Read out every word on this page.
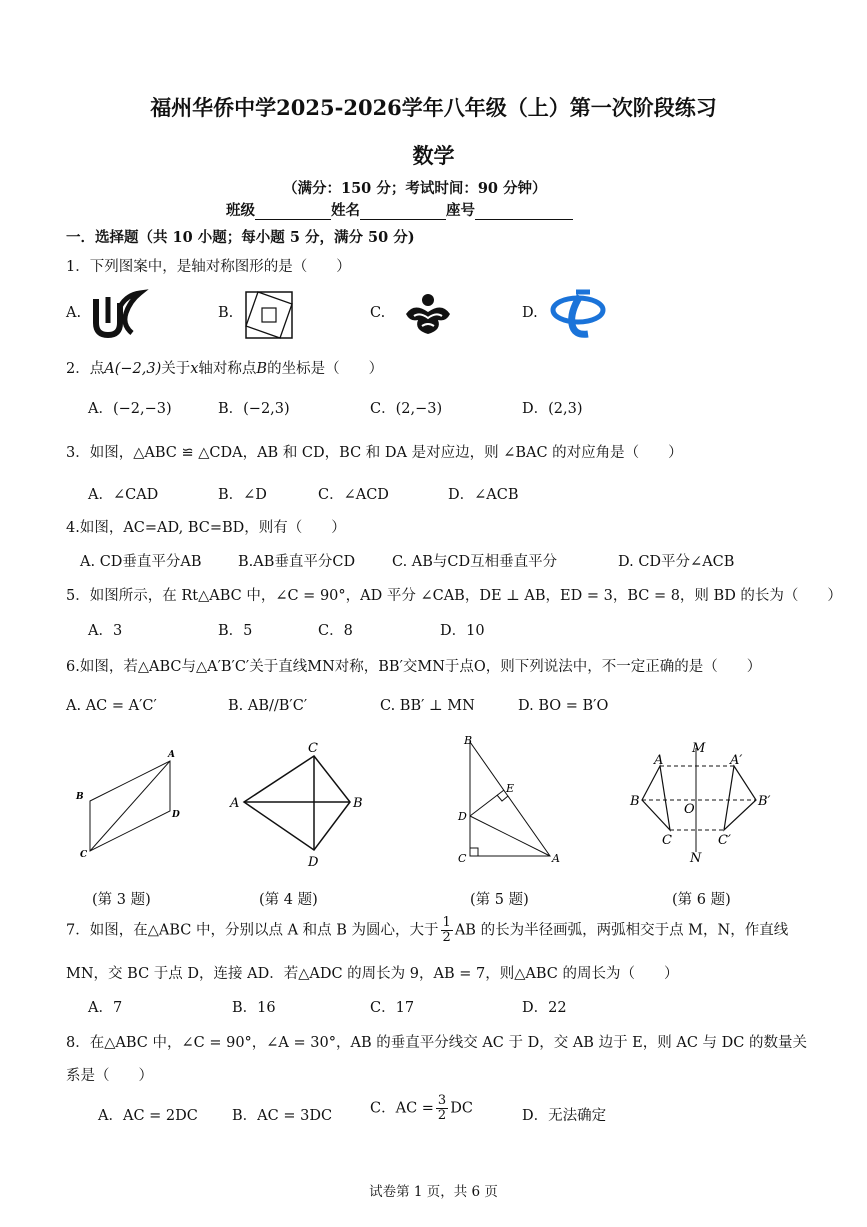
福州华侨中学2025-2026学年八年级（上）第一次阶段练习
数学
（满分：150 分；考试时间：90 分钟）
班级	姓名	座号
一．选择题（共 10 小题；每小题 5 分，满分 50 分)
1．下列图案中，是轴对称图形的是（　　）
A.	B.	C.	D.
2．点A(−2,3)关于x轴对称点B的坐标是（　　）
A．(−2,−3)	B．(−2,3)	C．(2,−3)	D．(2,3)
3．如图，△ABC ≌ △CDA，AB 和 CD，BC 和 DA 是对应边，则 ∠BAC 的对应角是（　　）
A．∠CAD	B．∠D	C．∠ACD	D．∠ACB
4.如图，AC=AD, BC=BD，则有（　　）
A. CD垂直平分AB	B.AB垂直平分CD	C. AB与CD互相垂直平分	D. CD平分∠ACB
5．如图所示，在 Rt△ABC 中，∠C = 90°，AD 平分 ∠CAB，DE ⊥ AB，ED = 3，BC = 8，则 BD 的长为（　　）
A．3	B．5	C．8	D．10
6.如图，若△ABC与△A′B′C′关于直线MN对称，BB′交MN于点O，则下列说法中，不一定正确的是（　　）
A. AC = A′C′	B. AB//B′C′	C. BB′ ⊥ MN	D. BO = B′O
A
B
C
D
(第 3 题)
C
A	B
D
(第 4 题)
B
E
D
C	A
(第 5 题)
M
A	A′
B	B′
O
C	C′
N
(第 6 题)
7．如图，在△ABC 中，分别以点 A 和点 B 为圆心，大于 $\frac{1}{2}$ AB 的长为半径画弧，两弧相交于点 M，N，作直线
MN，交 BC 于点 D，连接 AD．若△ADC 的周长为 9，AB = 7，则△ABC 的周长为（　　）
A．7	B．16	C．17	D．22
8．在△ABC 中，∠C = 90°，∠A = 30°，AB 的垂直平分线交 AC 于 D，交 AB 边于 E，则 AC 与 DC 的数量关
系是（　　）
A．AC = 2DC B．AC = 3DC	C．AC = $\frac{3}{2}$ DC	D．无法确定
试卷第 1 页，共 6 页
